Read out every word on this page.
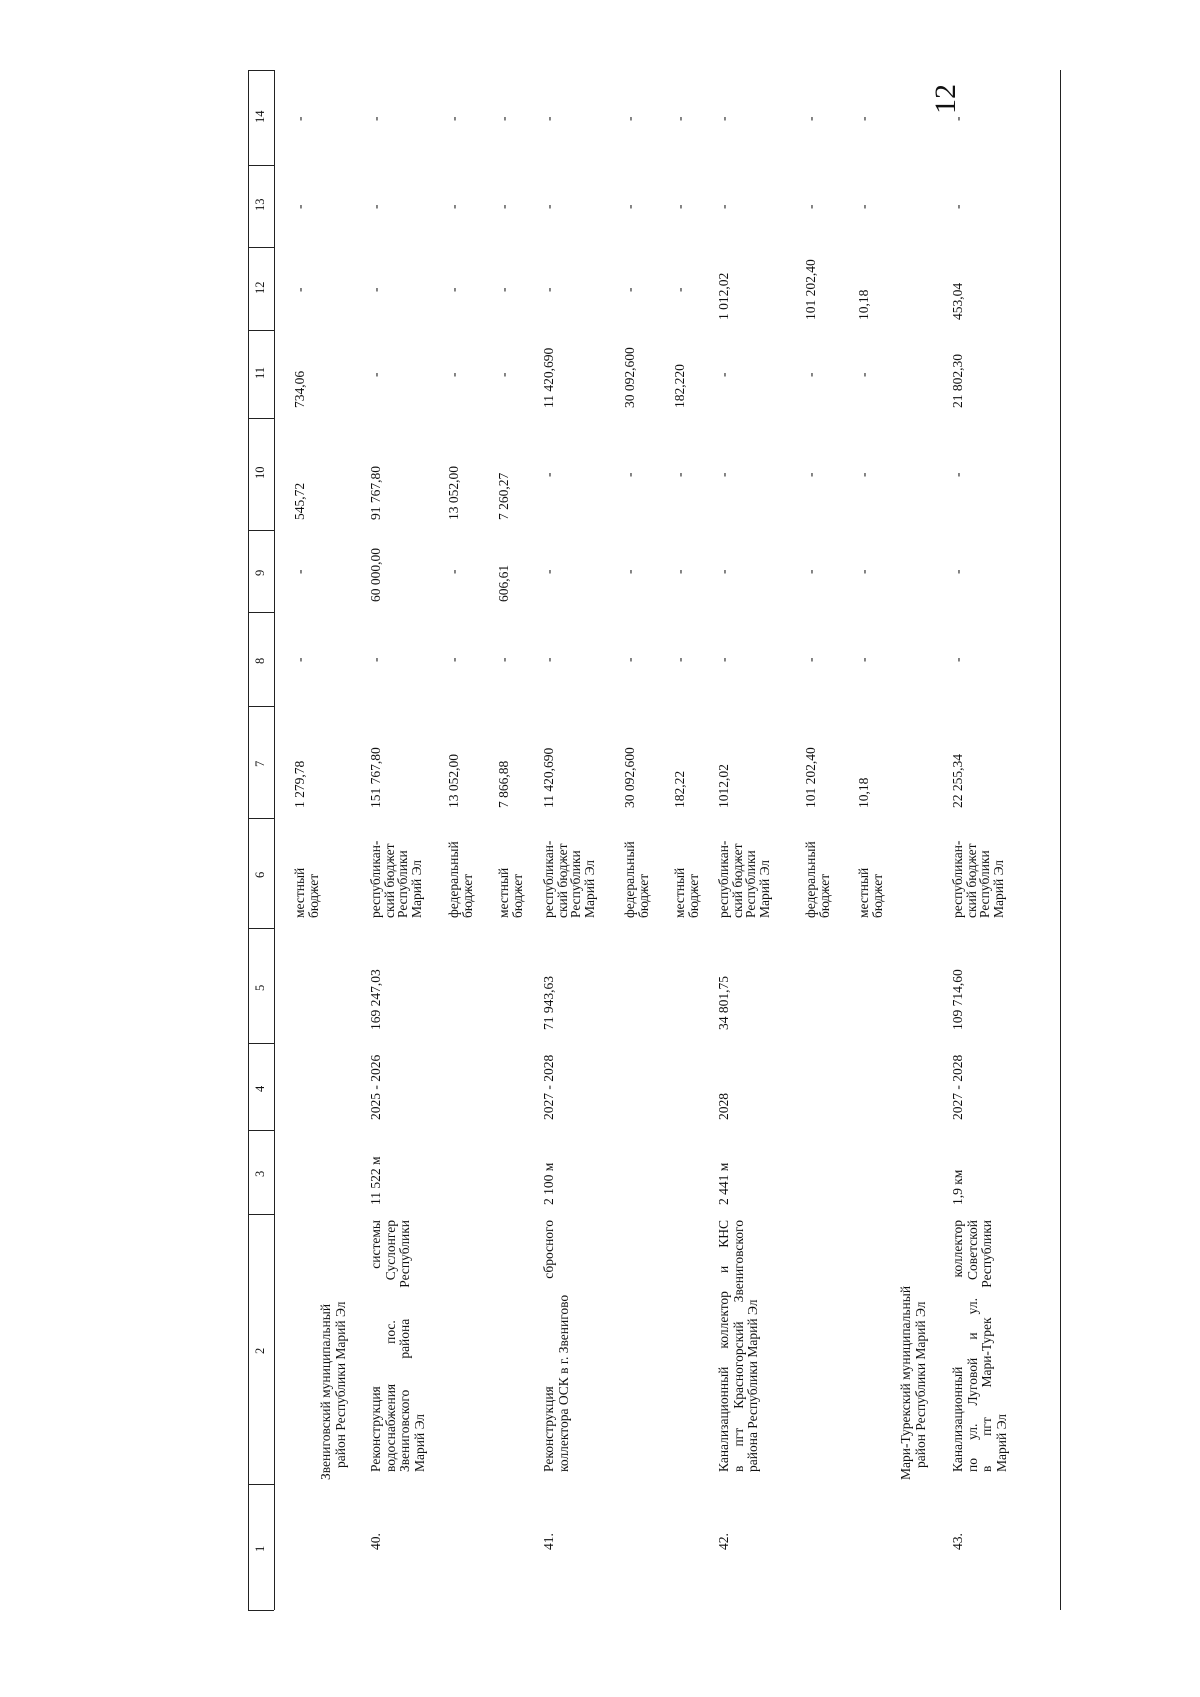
12
1
2
3
4
5
6
7
8
9
10
11
12
13
14
Звениговский муниципальный район Республики Марий Эл	Мари-Турекский муниципальный район Республики Марий Эл
местный
бюджет
1 279,78
-
-
545,72
734,06
-
-
-
40.
Реконструкция системы водоснабжения пос. Суслонгер Звениговского района Республики Марий Эл
11 522 м
2025 - 2026
169 247,03
республикан-
ский бюджет
Республики
Марий Эл
151 767,80
-
60 000,00
91 767,80
-
-
-
-
федеральный
бюджет
13 052,00
-
-
13 052,00
-
-
-
-
местный
бюджет
7 866,88
-
606,61
7 260,27
-
-
-
-
41.
Реконструкция сбросного коллектора ОСК в г. Звенигово
2 100 м
2027 - 2028
71 943,63
республикан-
ский бюджет
Республики
Марий Эл
11 420,690
-
-
-
11 420,690
-
-
-
федеральный
бюджет
30 092,600
-
-
-
30 092,600
-
-
-
местный
бюджет
182,22
-
-
-
182,220
-
-
-
42.
Канализационный коллектор и КНС в пгт Красногорский Звениговского района Республики Марий Эл
2 441 м
2028
34 801,75
республикан-
ский бюджет
Республики
Марий Эл
1012,02
-
-
-
-
1 012,02
-
-
федеральный
бюджет
101 202,40
-
-
-
-
101 202,40
-
-
местный
бюджет
10,18
-
-
-
-
10,18
-
-
43.
Канализационный коллектор по ул. Луговой и ул. Советской в пгт Мари-Турек Республики Марий Эл
1,9 км
2027 - 2028
109 714,60
республикан-
ский бюджет
Республики
Марий Эл
22 255,34
-
-
-
21 802,30
453,04
-
-
